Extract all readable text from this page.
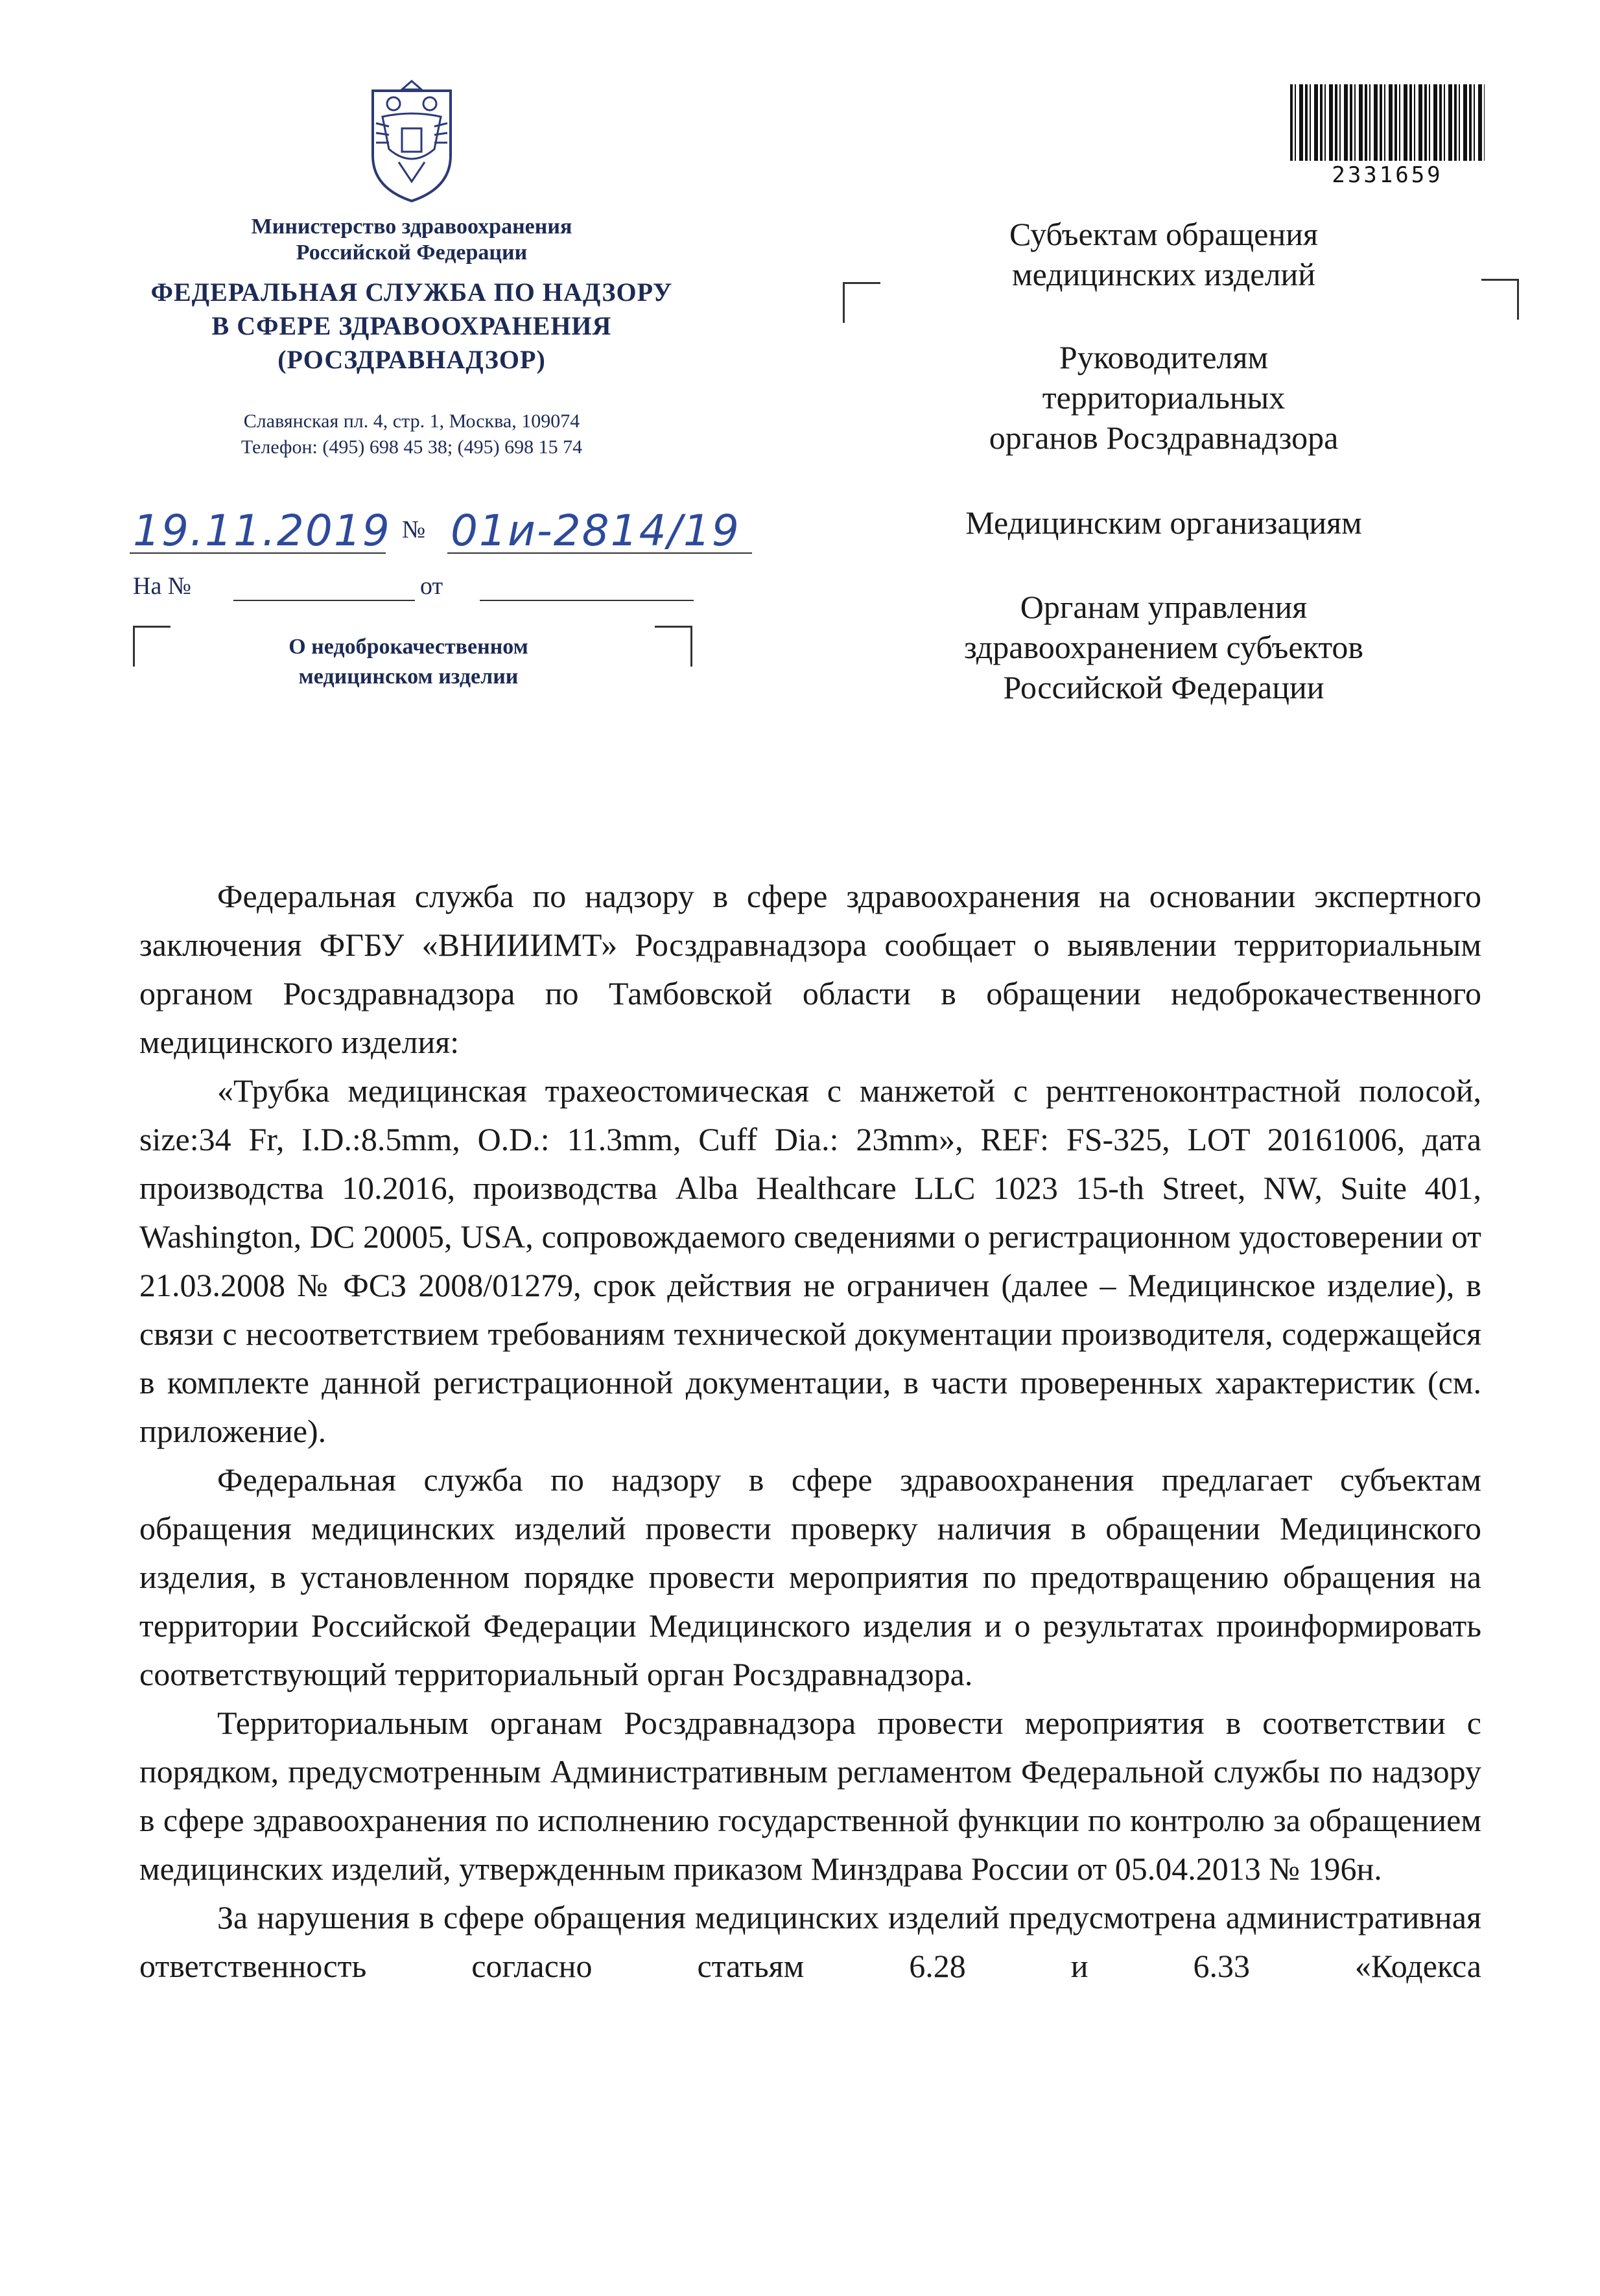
Министерство здравоохранения
Российской Федерации
ФЕДЕРАЛЬНАЯ СЛУЖБА ПО НАДЗОРУ
В СФЕРЕ ЗДРАВООХРАНЕНИЯ
(РОСЗДРАВНАДЗОР)
Славянская пл. 4, стр. 1, Москва, 109074
Телефон: (495) 698 45 38; (495) 698 15 74
19.11.2019 № 01и-2814/19
На №	от
О недоброкачественном
медицинском изделии
2331659
Субъектам обращения
медицинских изделий
Руководителям
территориальных
органов Росздравнадзора
Медицинским организациям
Органам управления
здравоохранением субъектов
Российской Федерации

Федеральная служба по надзору в сфере здравоохранения на основании экспертного заключения ФГБУ «ВНИИИМТ» Росздравнадзора сообщает о выявлении территориальным органом Росздравнадзора по Тамбовской области в обращении недоброкачественного медицинского изделия:

«Трубка медицинская трахеостомическая с манжетой с рентгеноконтрастной полосой, size:34 Fr, I.D.:8.5mm, O.D.: 11.3mm, Cuff Dia.: 23mm», REF: FS-325, LOT 20161006, дата производства 10.2016, производства Alba Healthcare LLC 1023 15-th Street, NW, Suite 401, Washington, DC 20005, USA, сопровождаемого сведениями о регистрационном удостоверении от 21.03.2008 № ФСЗ 2008/01279, срок действия не ограничен (далее – Медицинское изделие), в связи с несоответствием требованиям технической документации производителя, содержащейся в комплекте данной регистрационной документации, в части проверенных характеристик (см. приложение).

Федеральная служба по надзору в сфере здравоохранения предлагает субъектам обращения медицинских изделий провести проверку наличия в обращении Медицинского изделия, в установленном порядке провести мероприятия по предотвращению обращения на территории Российской Федерации Медицинского изделия и о результатах проинформировать соответствующий территориальный орган Росздравнадзора.

Территориальным органам Росздравнадзора провести мероприятия в соответствии с порядком, предусмотренным Административным регламентом Федеральной службы по надзору в сфере здравоохранения по исполнению государственной функции по контролю за обращением медицинских изделий, утвержденным приказом Минздрава России от 05.04.2013 № 196н.

За нарушения в сфере обращения медицинских изделий предусмотрена административная ответственность согласно статьям 6.28 и 6.33 «Кодекса
